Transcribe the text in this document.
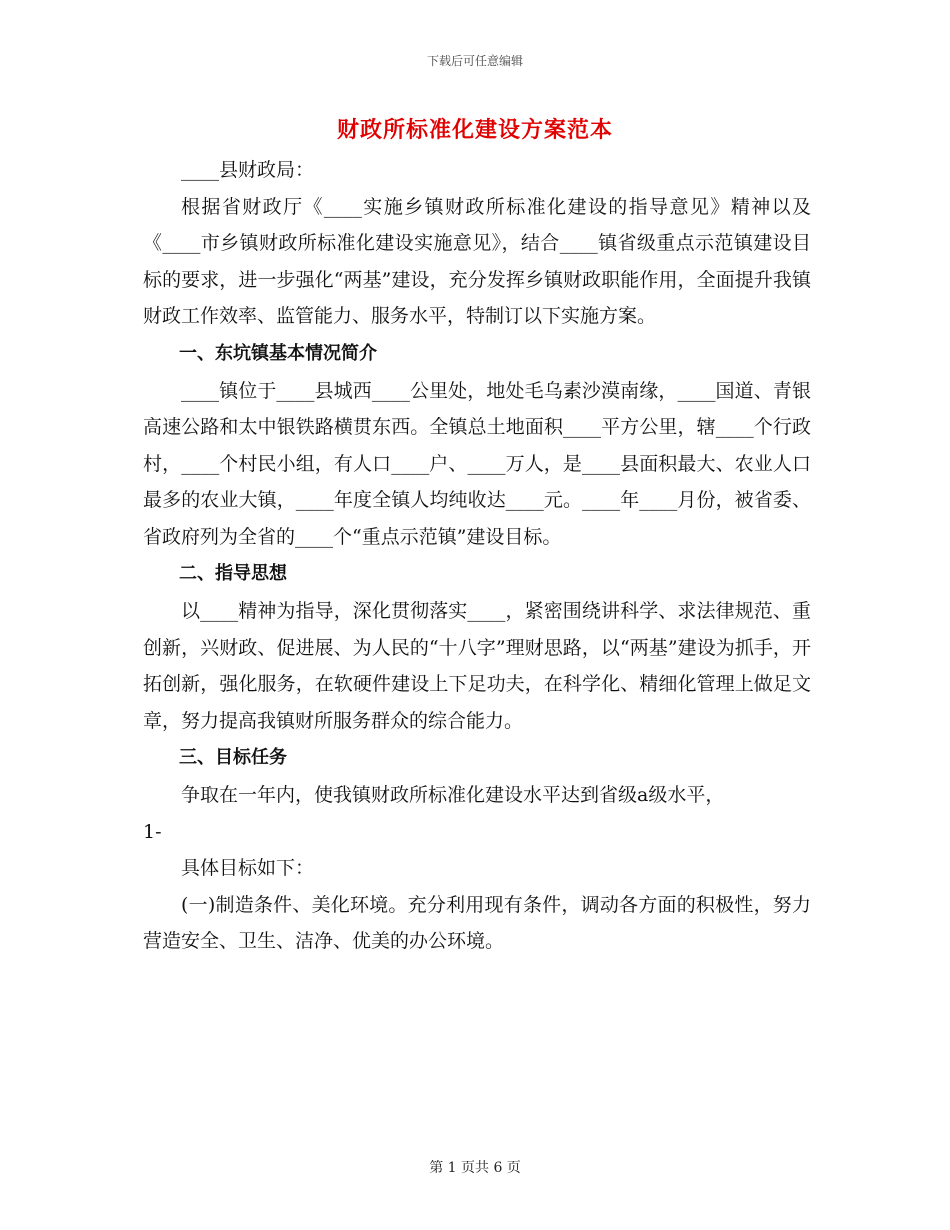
下载后可任意编辑
财政所标准化建设方案范本

____县财政局：

根据省财政厅《____实施乡镇财政所标准化建设的指导意见》精神以及《____市乡镇财政所标准化建设实施意见》，结合____镇省级重点示范镇建设目标的要求，进一步强化“两基”建设，充分发挥乡镇财政职能作用，全面提升我镇财政工作效率、监管能力、服务水平，特制订以下实施方案。

一、东坑镇基本情况简介

____镇位于____县城西____公里处，地处毛乌素沙漠南缘，____国道、青银高速公路和太中银铁路横贯东西。全镇总土地面积____平方公里，辖____个行政村，____个村民小组，有人口____户、____万人，是____县面积最大、农业人口最多的农业大镇，____年度全镇人均纯收达____元。____年____月份，被省委、省政府列为全省的____个“重点示范镇”建设目标。

二、指导思想

以____精神为指导，深化贯彻落实____，紧密围绕讲科学、求法律规范、重创新，兴财政、促进展、为人民的“十八字”理财思路，以“两基”建设为抓手，开拓创新，强化服务，在软硬件建设上下足功夫，在科学化、精细化管理上做足文章，努力提高我镇财所服务群众的综合能力。

三、目标任务

争取在一年内，使我镇财政所标准化建设水平达到省级a级水平，

1-

具体目标如下：

(一)制造条件、美化环境。充分利用现有条件，调动各方面的积极性，努力营造安全、卫生、洁净、优美的办公环境。

第 1 页共 6 页
